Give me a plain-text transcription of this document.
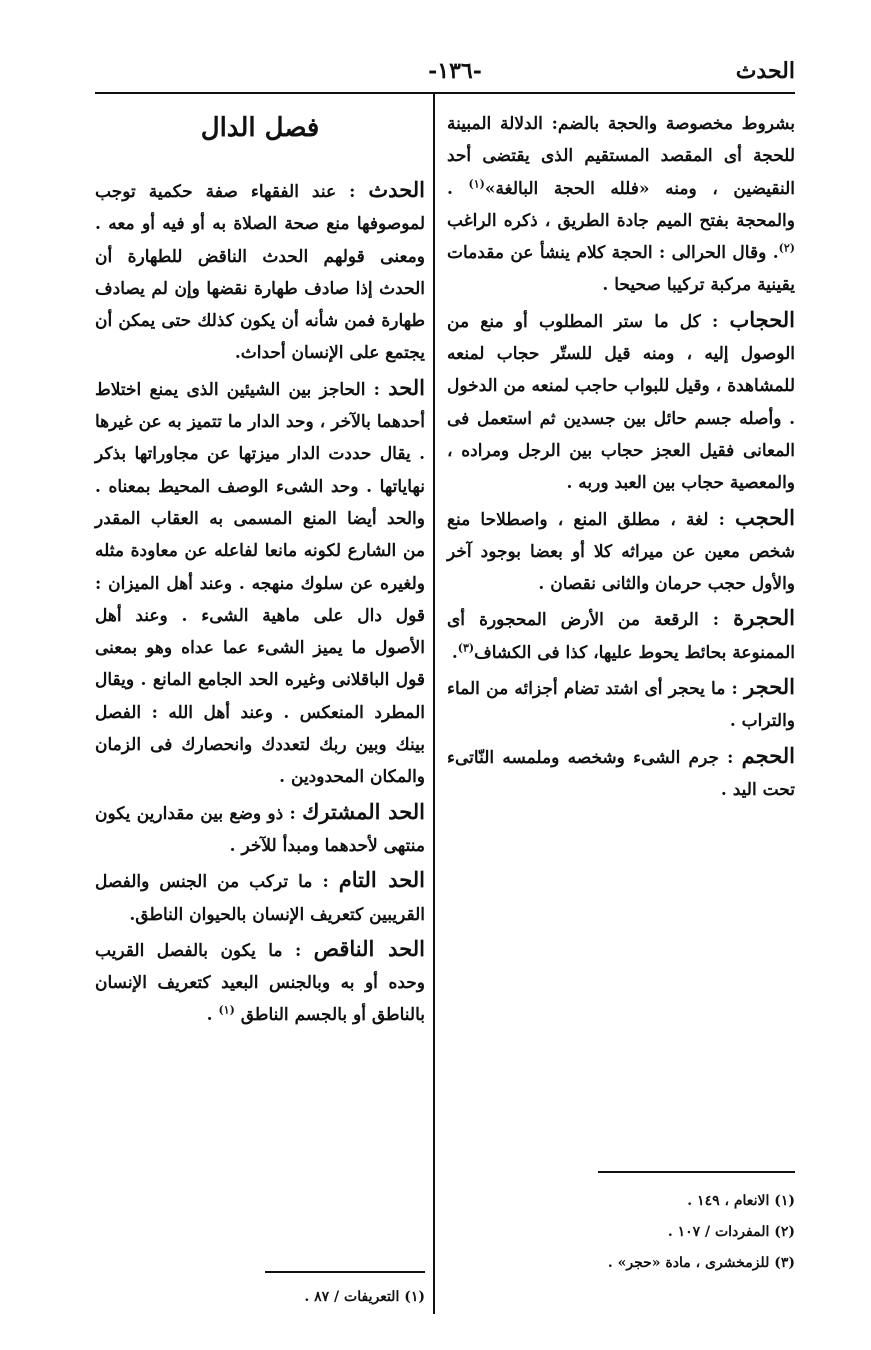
الحدث
-١٣٦-

بشروط مخصوصة والحجة بالضم: الدلالة المبينة للحجة أى المقصد المستقيم الذى يقتضى أحد النقيضين ، ومنه «فلله الحجة البالغة»$^{(١)}$ . والمحجة بفتح الميم جادة الطريق ، ذكره الراغب $^{(٢)}$. وقال الحرالى : الحجة كلام ينشأ عن مقدمات يقينية مركبة تركيبا صحيحا .

الحجاب : كل ما ستر المطلوب أو منع من الوصول إليه ، ومنه قيل للستّر حجاب لمنعه للمشاهدة ، وقيل للبواب حاجب لمنعه من الدخول . وأصله جسم حائل بين جسدين ثم استعمل فى المعانى فقيل العجز حجاب بين الرجل ومراده ، والمعصية حجاب بين العبد وربه .

الحجب : لغة ، مطلق المنع ، واصطلاحا منع شخص معين عن ميراثه كلا أو بعضا بوجود آخر والأول حجب حرمان والثانى نقصان .

الحجرة : الرقعة من الأرض المحجورة أى الممنوعة بحائط يحوط عليها، كذا فى الكشاف$^{(٣)}$.

الحجر : ما يحجر أى اشتد تضام أجزائه من الماء والتراب .

الحجم : جرم الشىء وشخصه وملمسه النّاتىء تحت اليد .

(١) الانعام ، ١٤٩ .
(٢) المفردات / ١٠٧ .
(٣) للزمخشرى ، مادة «حجر» .
فصل الدال

الحدث : عند الفقهاء صفة حكمية توجب لموصوفها منع صحة الصلاة به أو فيه أو معه . ومعنى قولهم الحدث الناقض للطهارة أن الحدث إذا صادف طهارة نقضها وإن لم يصادف طهارة فمن شأنه أن يكون كذلك حتى يمكن أن يجتمع على الإنسان أحداث.

الحد : الحاجز بين الشيئين الذى يمنع اختلاط أحدهما بالآخر ، وحد الدار ما تتميز به عن غيرها . يقال حددت الدار ميزتها عن مجاوراتها بذكر نهاياتها . وحد الشىء الوصف المحيط بمعناه . والحد أيضا المنع المسمى به العقاب المقدر من الشارع لكونه مانعا لفاعله عن معاودة مثله ولغيره عن سلوك منهجه . وعند أهل الميزان : قول دال على ماهية الشىء . وعند أهل الأصول ما يميز الشىء عما عداه وهو بمعنى قول الباقلانى وغيره الحد الجامع المانع . ويقال المطرد المنعكس . وعند أهل الله : الفصل بينك وبين ربك لتعددك وانحصارك فى الزمان والمكان المحدودين .

الحد المشترك : ذو وضع بين مقدارين يكون منتهى لأحدهما ومبدأ للآخر .

الحد التام : ما تركب من الجنس والفصل القريبين كتعريف الإنسان بالحيوان الناطق.

الحد الناقص : ما يكون بالفصل القريب وحده أو به وبالجنس البعيد كتعريف الإنسان بالناطق أو بالجسم الناطق $^{(١)}$ .

(١) التعريفات / ٨٧ .
